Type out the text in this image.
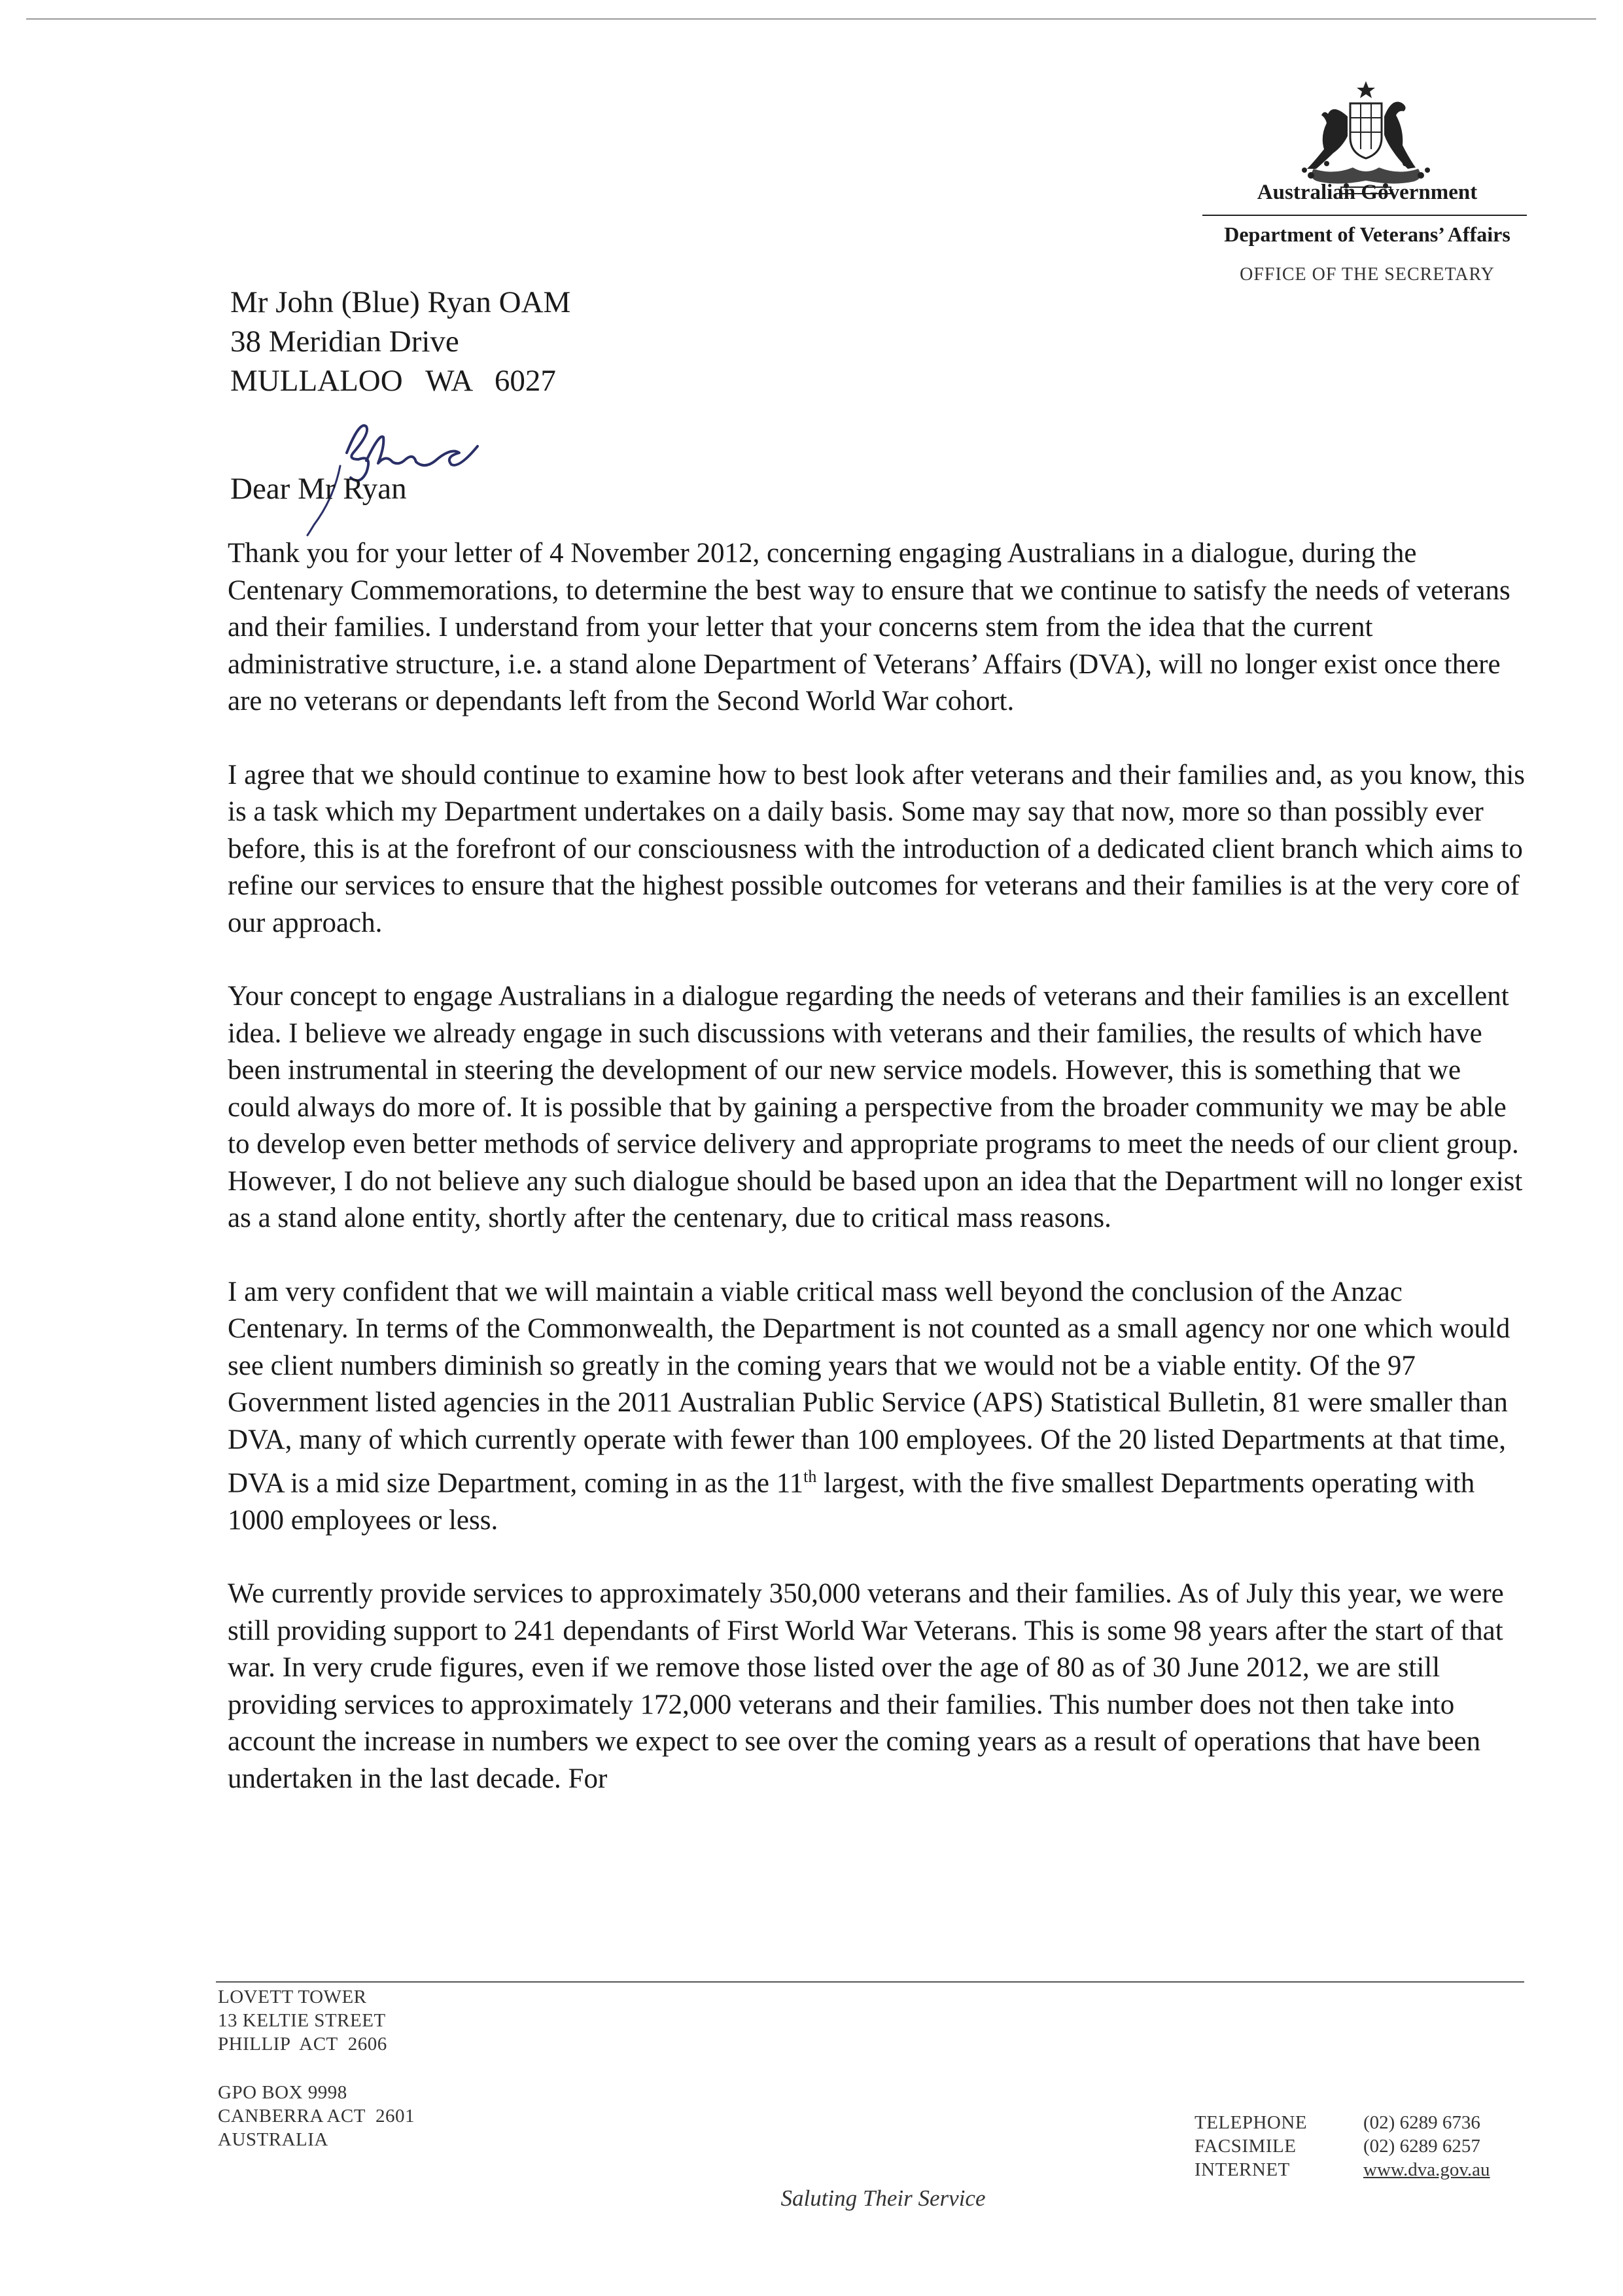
Australian Government
Department of Veterans’ Affairs
OFFICE OF THE SECRETARY
Mr John (Blue) Ryan OAM
38 Meridian Drive
MULLALOO   WA   6027
Dear Mr Ryan

Thank you for your letter of 4 November 2012, concerning engaging Australians in a dialogue, during the Centenary Commemorations, to determine the best way to ensure that we continue to satisfy the needs of veterans and their families. I understand from your letter that your concerns stem from the idea that the current administrative structure, i.e. a stand alone Department of Veterans’ Affairs (DVA), will no longer exist once there are no veterans or dependants left from the Second World War cohort.

I agree that we should continue to examine how to best look after veterans and their families and, as you know, this is a task which my Department undertakes on a daily basis. Some may say that now, more so than possibly ever before, this is at the forefront of our consciousness with the introduction of a dedicated client branch which aims to refine our services to ensure that the highest possible outcomes for veterans and their families is at the very core of our approach.

Your concept to engage Australians in a dialogue regarding the needs of veterans and their families is an excellent idea. I believe we already engage in such discussions with veterans and their families, the results of which have been instrumental in steering the development of our new service models. However, this is something that we could always do more of. It is possible that by gaining a perspective from the broader community we may be able to develop even better methods of service delivery and appropriate programs to meet the needs of our client group. However, I do not believe any such dialogue should be based upon an idea that the Department will no longer exist as a stand alone entity, shortly after the centenary, due to critical mass reasons.

I am very confident that we will maintain a viable critical mass well beyond the conclusion of the Anzac Centenary. In terms of the Commonwealth, the Department is not counted as a small agency nor one which would see client numbers diminish so greatly in the coming years that we would not be a viable entity. Of the 97 Government listed agencies in the 2011 Australian Public Service (APS) Statistical Bulletin, 81 were smaller than DVA, many of which currently operate with fewer than 100 employees. Of the 20 listed Departments at that time, DVA is a mid size Department, coming in as the 11th largest, with the five smallest Departments operating with 1000 employees or less.

We currently provide services to approximately 350,000 veterans and their families. As of July this year, we were still providing support to 241 dependants of First World War Veterans. This is some 98 years after the start of that war. In very crude figures, even if we remove those listed over the age of 80 as of 30 June 2012, we are still providing services to approximately 172,000 veterans and their families. This number does not then take into account the increase in numbers we expect to see over the coming years as a result of operations that have been undertaken in the last decade. For

LOVETT TOWER
13 KELTIE STREET
PHILLIP  ACT  2606
GPO BOX 9998
CANBERRA ACT  2601
AUSTRALIA
TELEPHONE	(02) 6289 6736
FACSIMILE	(02) 6289 6257
INTERNET	www.dva.gov.au
Saluting Their Service
